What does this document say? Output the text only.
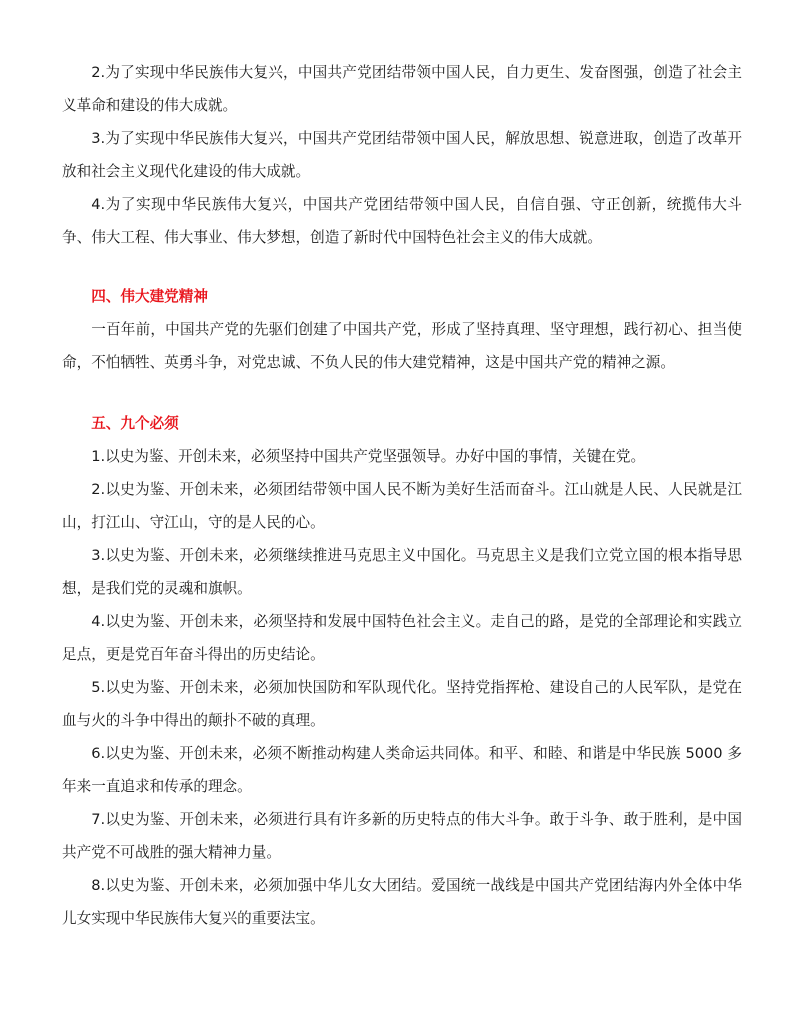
2.为了实现中华民族伟大复兴，中国共产党团结带领中国人民，自力更生、发奋图强，创造了社会主义革命和建设的伟大成就。

3.为了实现中华民族伟大复兴，中国共产党团结带领中国人民，解放思想、锐意进取，创造了改革开放和社会主义现代化建设的伟大成就。

4.为了实现中华民族伟大复兴，中国共产党团结带领中国人民，自信自强、守正创新，统揽伟大斗争、伟大工程、伟大事业、伟大梦想，创造了新时代中国特色社会主义的伟大成就。

四、伟大建党精神

一百年前，中国共产党的先驱们创建了中国共产党，形成了坚持真理、坚守理想，践行初心、担当使命，不怕牺牲、英勇斗争，对党忠诚、不负人民的伟大建党精神，这是中国共产党的精神之源。

五、九个必须

1.以史为鉴、开创未来，必须坚持中国共产党坚强领导。办好中国的事情，关键在党。

2.以史为鉴、开创未来，必须团结带领中国人民不断为美好生活而奋斗。江山就是人民、人民就是江山，打江山、守江山，守的是人民的心。

3.以史为鉴、开创未来，必须继续推进马克思主义中国化。马克思主义是我们立党立国的根本指导思想，是我们党的灵魂和旗帜。

4.以史为鉴、开创未来，必须坚持和发展中国特色社会主义。走自己的路，是党的全部理论和实践立足点，更是党百年奋斗得出的历史结论。

5.以史为鉴、开创未来，必须加快国防和军队现代化。坚持党指挥枪、建设自己的人民军队，是党在血与火的斗争中得出的颠扑不破的真理。

6.以史为鉴、开创未来，必须不断推动构建人类命运共同体。和平、和睦、和谐是中华民族 5000 多年来一直追求和传承的理念。

7.以史为鉴、开创未来，必须进行具有许多新的历史特点的伟大斗争。敢于斗争、敢于胜利，是中国共产党不可战胜的强大精神力量。

8.以史为鉴、开创未来，必须加强中华儿女大团结。爱国统一战线是中国共产党团结海内外全体中华儿女实现中华民族伟大复兴的重要法宝。
